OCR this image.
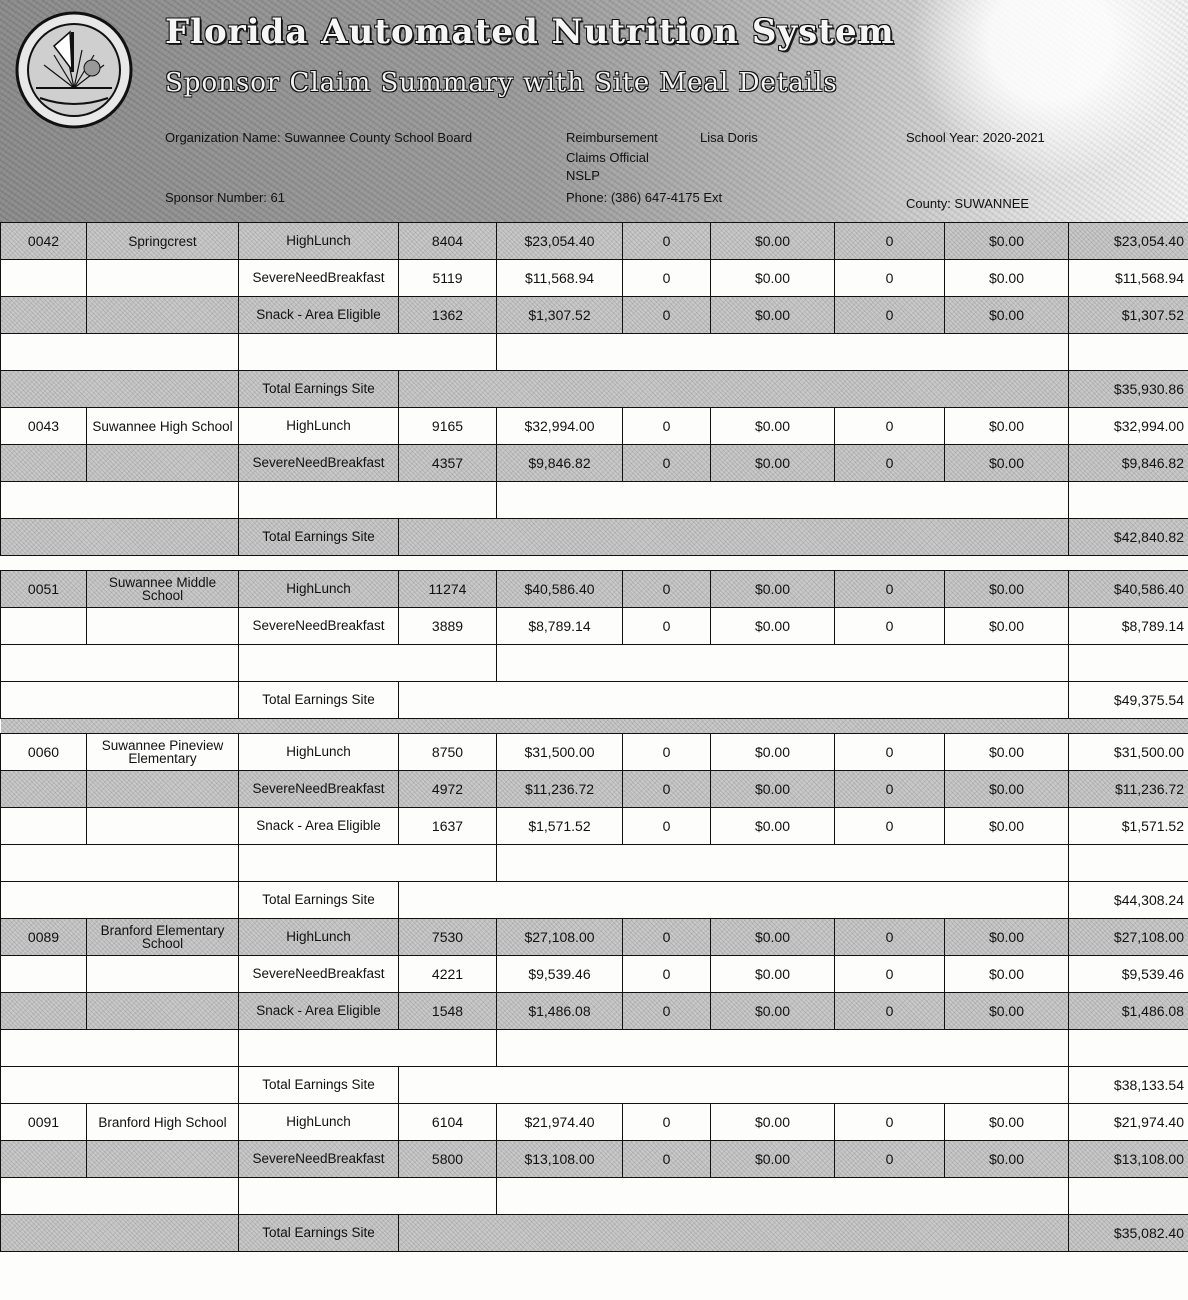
Florida Automated Nutrition System
Sponsor Claim Summary with Site Meal Details
Organization Name: Suwannee County School Board	Reimbursement	Lisa Doris
Claims Official
NSLP
Phone: (386) 647-4175 Ext
Sponsor Number: 61
School Year: 2020-2021
County: SUWANNEE
0042	Springcrest	HighLunch	8404	$23,054.40	0	$0.00	0	$0.00	$23,054.40
		SevereNeedBreakfast	5119	$11,568.94	0	$0.00	0	$0.00	$11,568.94
		Snack - Area Eligible	1362	$1,307.52	0	$0.00	0	$0.00	$1,307.52

		Total Earnings Site							$35,930.86
0043	Suwannee High School	HighLunch	9165	$32,994.00	0	$0.00	0	$0.00	$32,994.00
		SevereNeedBreakfast	4357	$9,846.82	0	$0.00	0	$0.00	$9,846.82

		Total Earnings Site							$42,840.82

0051	Suwannee Middle School	HighLunch	11274	$40,586.40	0	$0.00	0	$0.00	$40,586.40
		SevereNeedBreakfast	3889	$8,789.14	0	$0.00	0	$0.00	$8,789.14

		Total Earnings Site							$49,375.54

0060	Suwannee Pineview Elementary	HighLunch	8750	$31,500.00	0	$0.00	0	$0.00	$31,500.00
		SevereNeedBreakfast	4972	$11,236.72	0	$0.00	0	$0.00	$11,236.72
		Snack - Area Eligible	1637	$1,571.52	0	$0.00	0	$0.00	$1,571.52

		Total Earnings Site							$44,308.24
0089	Branford Elementary School	HighLunch	7530	$27,108.00	0	$0.00	0	$0.00	$27,108.00
		SevereNeedBreakfast	4221	$9,539.46	0	$0.00	0	$0.00	$9,539.46
		Snack - Area Eligible	1548	$1,486.08	0	$0.00	0	$0.00	$1,486.08

		Total Earnings Site							$38,133.54
0091	Branford High School	HighLunch	6104	$21,974.40	0	$0.00	0	$0.00	$21,974.40
		SevereNeedBreakfast	5800	$13,108.00	0	$0.00	0	$0.00	$13,108.00

		Total Earnings Site							$35,082.40
